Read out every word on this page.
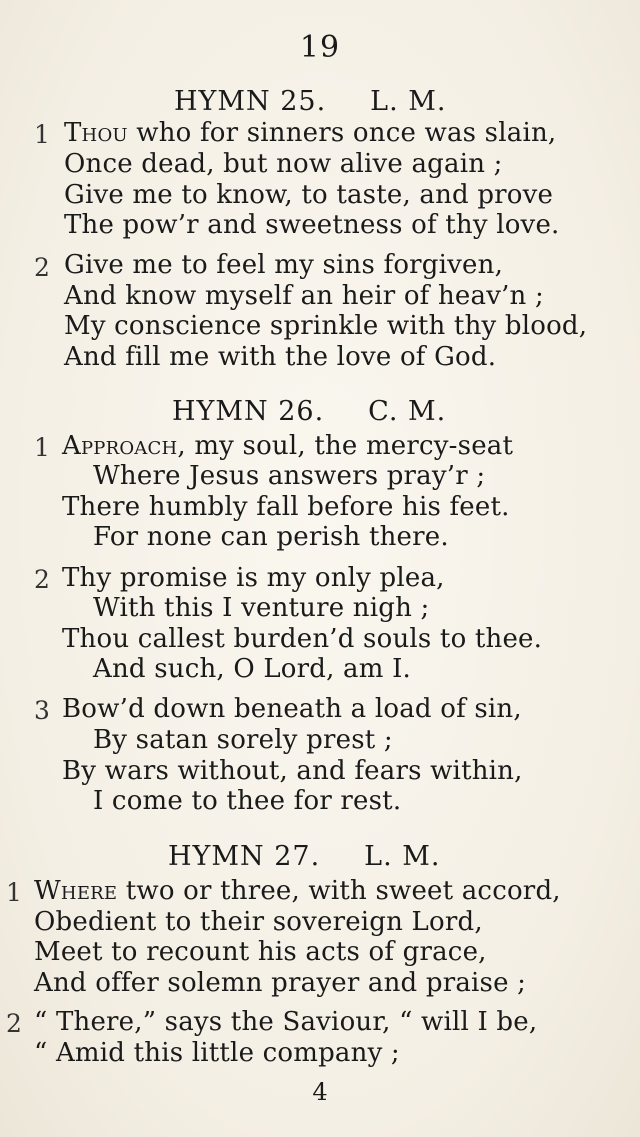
19
HYMN 25. L. M.
1 Thou who for sinners once was slain,
Once dead, but now alive again ;
Give me to know, to taste, and prove
The pow’r and sweetness of thy love.
2 Give me to feel my sins forgiven,
And know myself an heir of heav’n ;
My conscience sprinkle with thy blood,
And fill me with the love of God.
HYMN 26. C. M.
1 Approach, my soul, the mercy-seat
Where Jesus answers pray’r ;
There humbly fall before his feet.
For none can perish there.
2 Thy promise is my only plea,
With this I venture nigh ;
Thou callest burden’d souls to thee.
And such, O Lord, am I.
3 Bow’d down beneath a load of sin,
By satan sorely prest ;
By wars without, and fears within,
I come to thee for rest.
HYMN 27. L. M.
1 Where two or three, with sweet accord,
Obedient to their sovereign Lord,
Meet to recount his acts of grace,
And offer solemn prayer and praise ;
2 “ There,” says the Saviour, “ will I be,
“ Amid this little company ;
4
